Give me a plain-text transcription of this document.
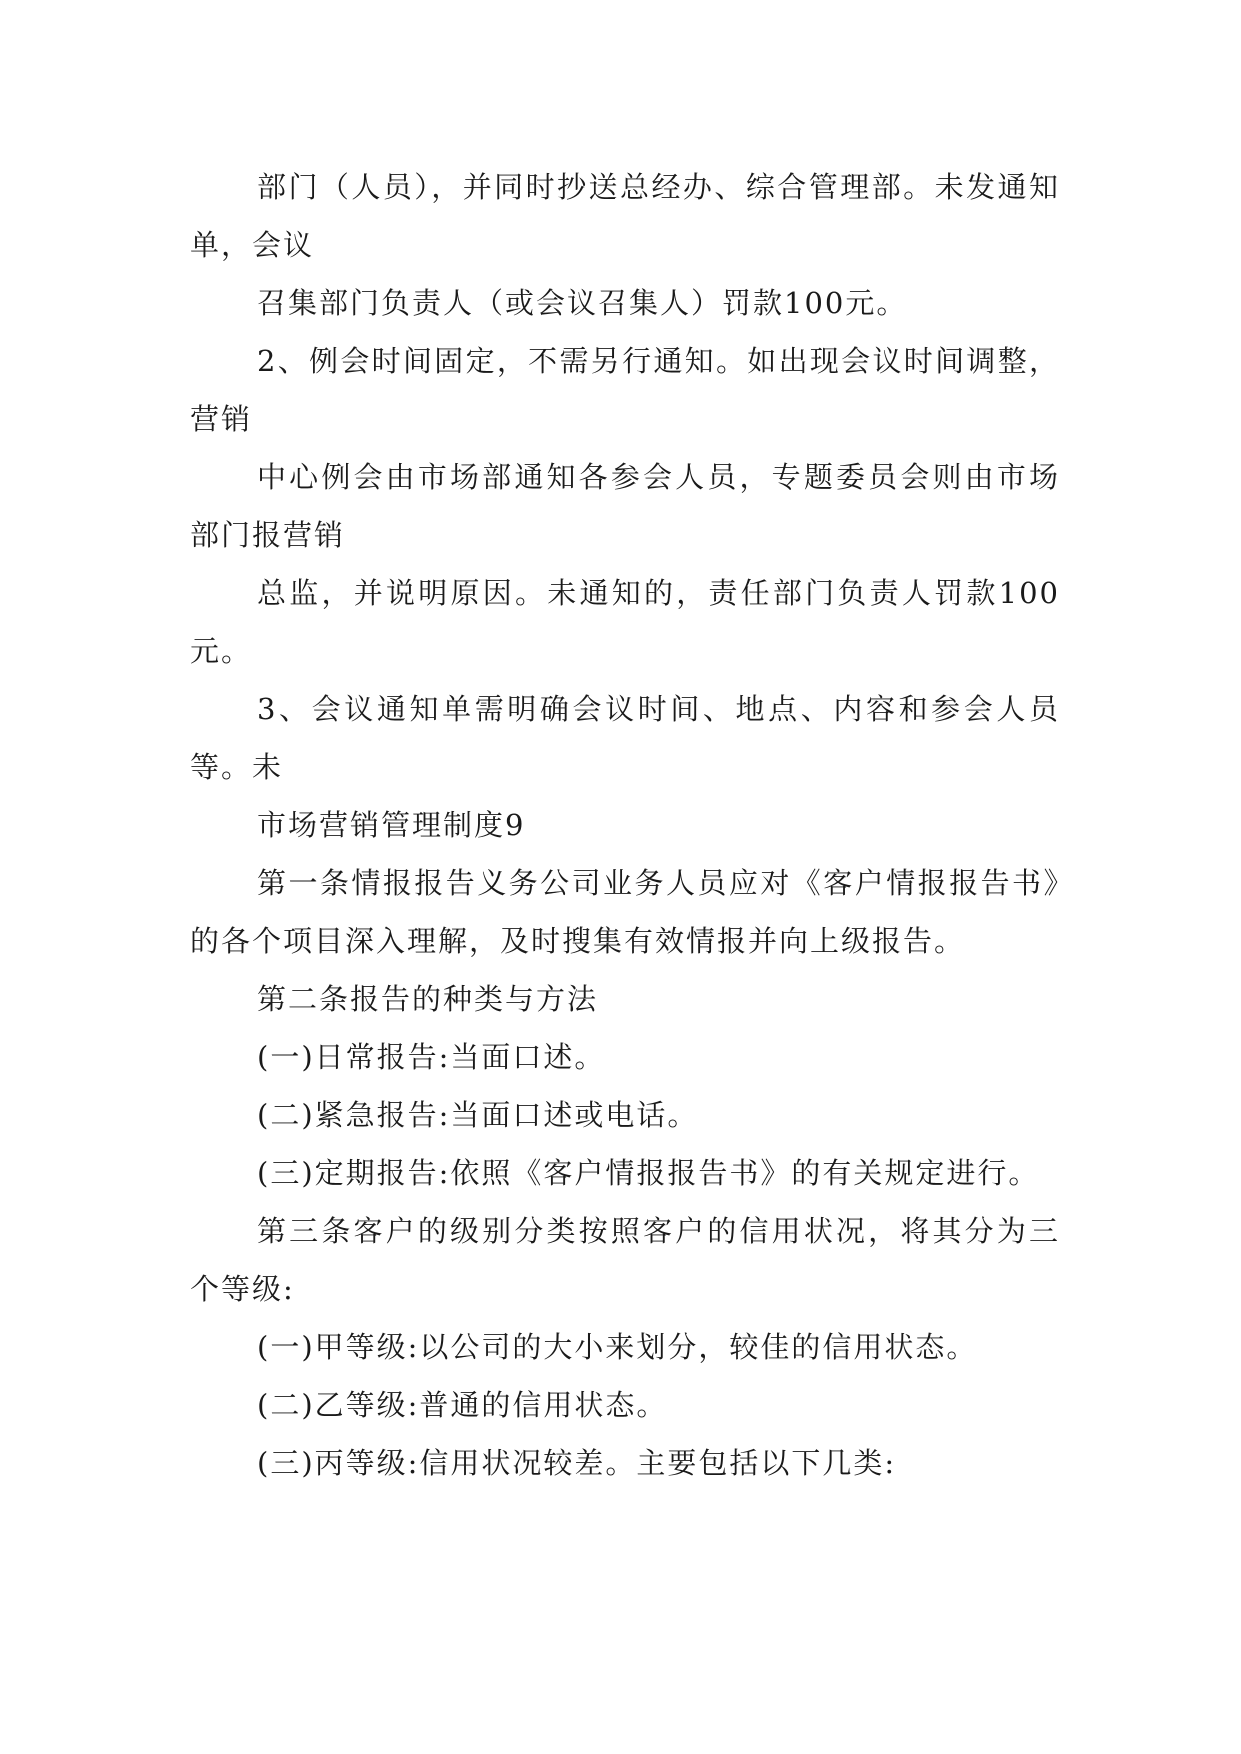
部门（人员），并同时抄送总经办、综合管理部。未发通知单，会议

召集部门负责人（或会议召集人）罚款100元。

2、例会时间固定，不需另行通知。如出现会议时间调整，营销

中心例会由市场部通知各参会人员，专题委员会则由市场部门报营销

总监，并说明原因。未通知的，责任部门负责人罚款100元。

3、会议通知单需明确会议时间、地点、内容和参会人员等。未

市场营销管理制度9

第一条情报报告义务公司业务人员应对《客户情报报告书》的各个项目深入理解，及时搜集有效情报并向上级报告。

第二条报告的种类与方法

(一)日常报告:当面口述。

(二)紧急报告:当面口述或电话。

(三)定期报告:依照《客户情报报告书》的有关规定进行。

第三条客户的级别分类按照客户的信用状况，将其分为三个等级:

(一)甲等级:以公司的大小来划分，较佳的信用状态。

(二)乙等级:普通的信用状态。

(三)丙等级:信用状况较差。主要包括以下几类:
